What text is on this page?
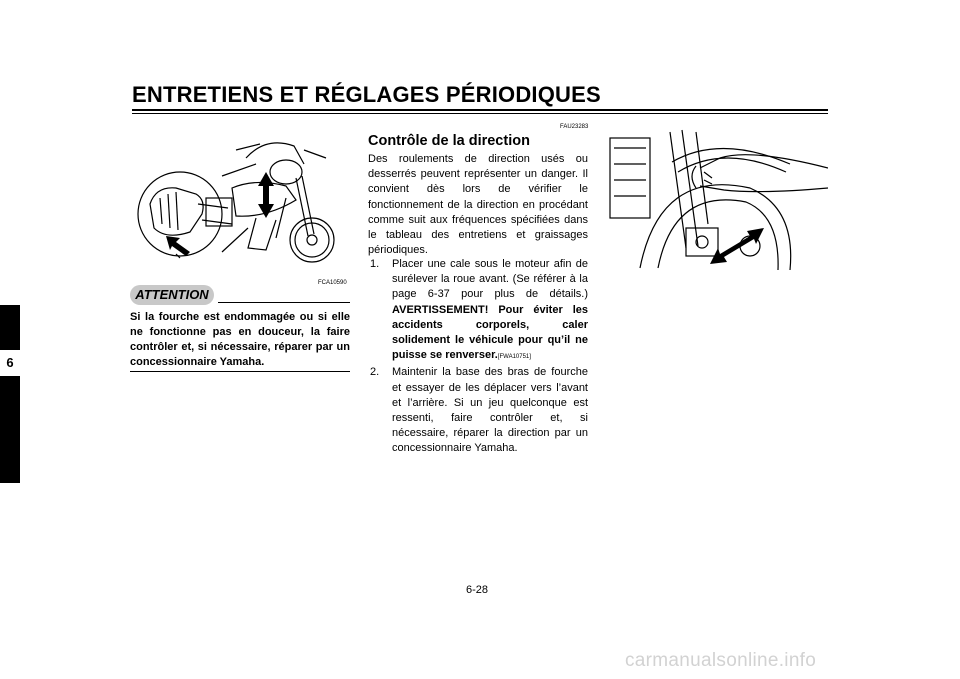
ENTRETIENS ET RÉGLAGES PÉRIODIQUES
6
FCA10590
ATTENTION
Si la fourche est endommagée ou si elle ne fonctionne pas en douceur, la faire contrôler et, si nécessaire, réparer par un concessionnaire Yamaha.
FAU23283
Contrôle de la direction
Des roulements de direction usés ou desserrés peuvent représenter un danger. Il convient dès lors de vérifier le fonctionnement de la direction en procédant comme suit aux fréquences spécifiées dans le tableau des entretiens et graissages périodiques.
1.	Placer une cale sous le moteur afin de surélever la roue avant. (Se référer à la page 6-37 pour plus de détails.) AVERTISSEMENT! Pour éviter les accidents corporels, caler solidement le véhicule pour qu’il ne puisse se renverser.[FWA10751]
2.	Maintenir la base des bras de fourche et essayer de les déplacer vers l’avant et l’arrière. Si un jeu quelconque est ressenti, faire contrôler et, si nécessaire, réparer la direction par un concessionnaire Yamaha.
6-28
carmanualsonline.info
